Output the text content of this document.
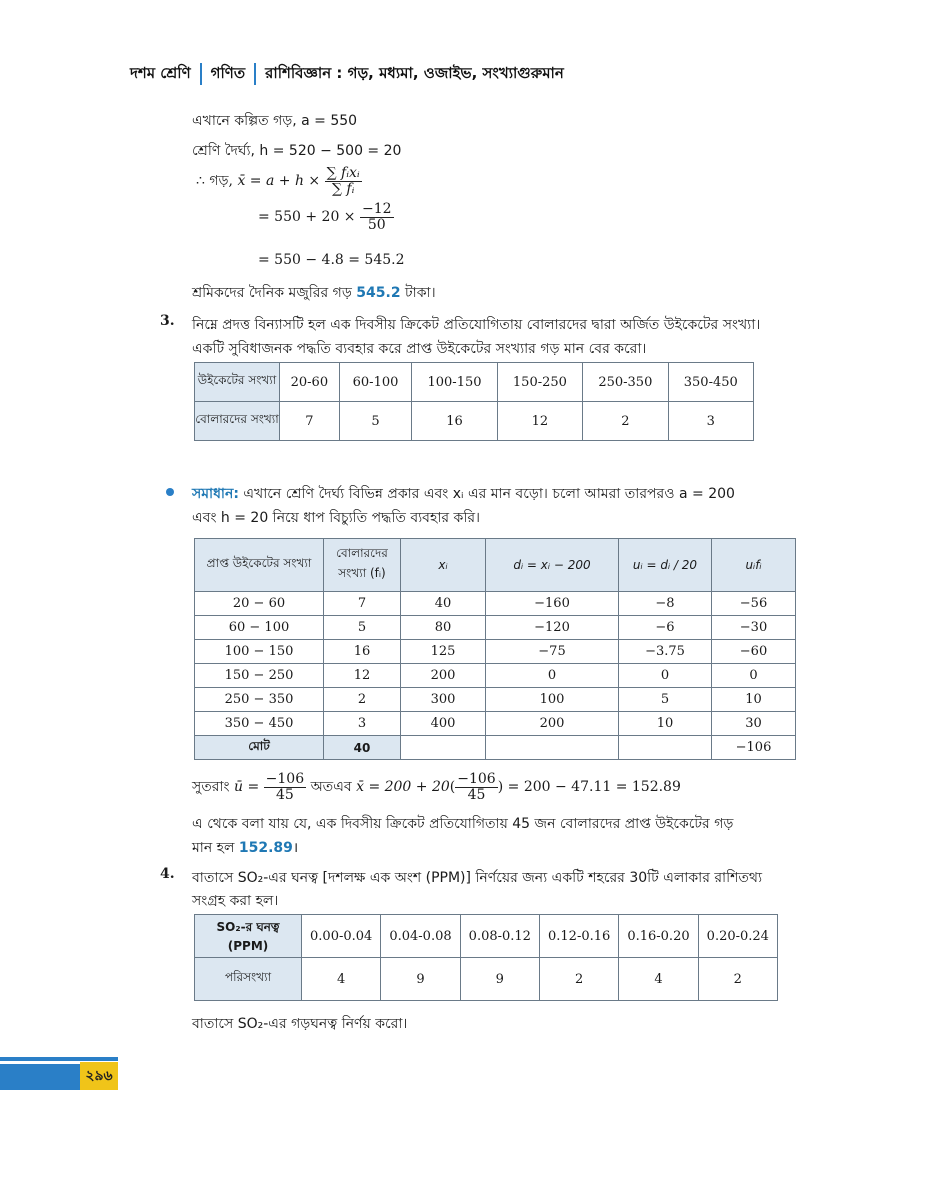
দশম শ্রেণি গণিত রাশিবিজ্ঞান : গড়, মধ্যমা, ওজাইভ, সংখ্যাগুরুমান
এখানে কল্পিত গড়, a = 550
শ্রেণি দৈর্ঘ্য, h = 520 − 500 = 20
∴ গড়, x̄ = $a + h \times \frac{\text{∑ fᵢxᵢ}}{\text{∑ fᵢ}}$
= $550 + 20 \times \frac{-12}{50}$
= 550 − 4.8 = 545.2
শ্রমিকদের দৈনিক মজুরির গড় 545.2 টাকা।
3. নিম্নে প্রদত্ত বিন্যাসটি হল এক দিবসীয় ক্রিকেট প্রতিযোগিতায় বোলারদের দ্বারা অর্জিত উইকেটের সংখ্যা।
একটি সুবিধাজনক পদ্ধতি ব্যবহার করে প্রাপ্ত উইকেটের সংখ্যার গড় মান বের করো।
উইকেটের সংখ্যা	20-60	60-100	100-150	150-250	250-350	350-450
বোলারদের সংখ্যা	7	5	16	12	2	3
সমাধান: এখানে শ্রেণি দৈর্ঘ্য বিভিন্ন প্রকার এবং xᵢ এর মান বড়ো। চলো আমরা তারপরও a = 200
এবং h = 20 নিয়ে ধাপ বিচ্যুতি পদ্ধতি ব্যবহার করি।
প্রাপ্ত উইকেটের সংখ্যা	বোলারদের সংখ্যা (fᵢ)	xᵢ	dᵢ = xᵢ − 200	uᵢ = dᵢ / 20	uᵢfᵢ
20 − 60	7	40	−160	−8	−56
60 − 100	5	80	−120	−6	−30
100 − 150	16	125	−75	−3.75	−60
150 − 250	12	200	0	0	0
250 − 350	2	300	100	5	10
350 − 450	3	400	200	10	30
মোট	40				−106
সুতরাং ū = $\frac{-106}{45}$ অতএব x̄ = $200 + 20( \frac{-106}{45}$ ) = 200 − 47.11 = 152.89
এ থেকে বলা যায় যে, এক দিবসীয় ক্রিকেট প্রতিযোগিতায় 45 জন বোলারদের প্রাপ্ত উইকেটের গড়
মান হল 152.89।
4. বাতাসে SO₂-এর ঘনত্ব [দশলক্ষ এক অংশ (PPM)] নির্ণয়ের জন্য একটি শহরের 30টি এলাকার রাশিতথ্য
সংগ্রহ করা হল।
SO₂-র ঘনত্ব (PPM)	0.00-0.04	0.04-0.08	0.08-0.12	0.12-0.16	0.16-0.20	0.20-0.24
পরিসংখ্যা	4	9	9	2	4	2
বাতাসে SO₂-এর গড়ঘনত্ব নির্ণয় করো।
২৯৬
